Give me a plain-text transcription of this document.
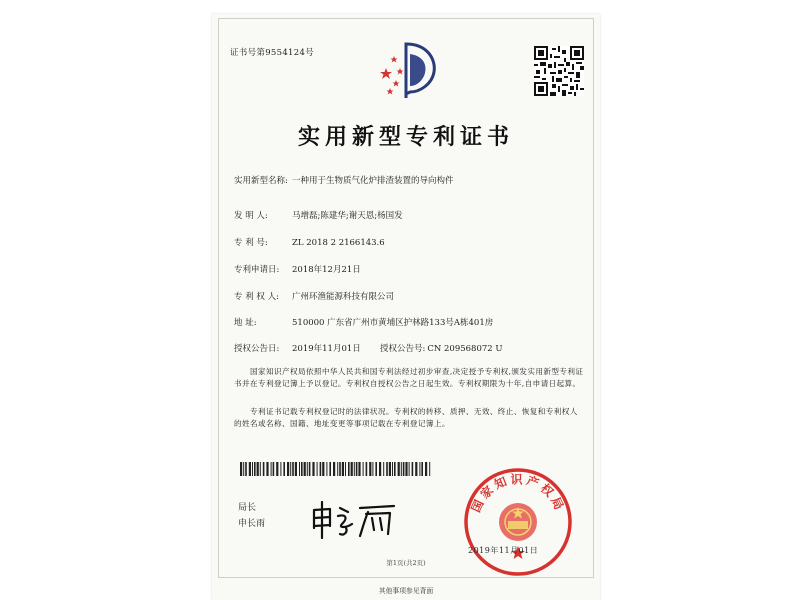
证书号第9554124号
实用新型专利证书
实用新型名称: 一种用于生物质气化炉排渣装置的导向构件
发 明 人:	马增磊;陈建华;谢天恩;杨国发
专 利 号:	ZL 2018 2 2166143.6
专利申请日: 2018年12月21日
专 利 权 人: 广州环渔能源科技有限公司
地 址:	510000 广东省广州市黄埔区护林路133号A栋401房
授权公告日: 2019年11月01日 授权公告号: CN 209568072 U
国家知识产权局依照中华人民共和国专利法经过初步审查,决定授予专利权,颁发实用新型专利证书并在专利登记簿上予以登记。专利权自授权公告之日起生效。专利权期限为十年,自申请日起算。
专利证书记载专利权登记时的法律状况。专利权的转移、质押、无效、终止、恢复和专利权人的姓名或名称、国籍、地址变更等事项记载在专利登记簿上。
局长
申长雨
国家知识产权局
2019年11月01日
第1页(共2页)
其他事项参见背面
